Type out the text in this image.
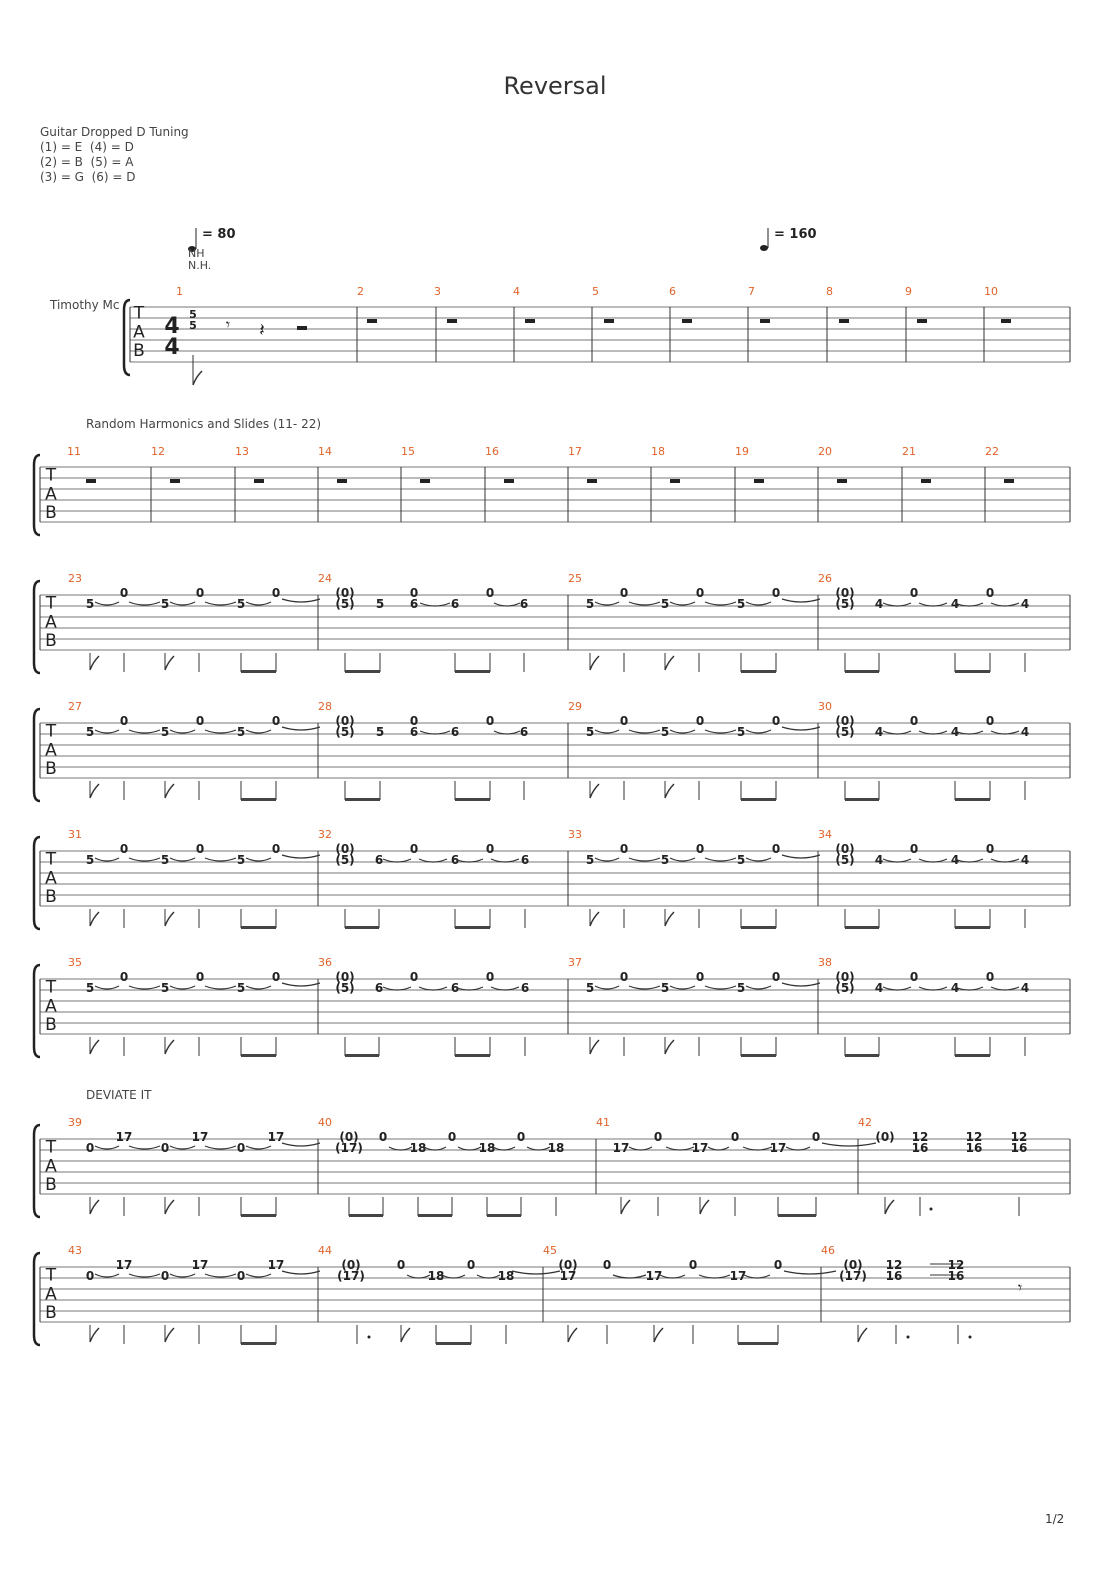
Reversal
Guitar Dropped D Tuning
(1) = E  (4) = D
(2) = B  (5) = A
(3) = G  (6) = D
Timothy Mc
= 80
NH
N.H.
= 160
Random Harmonics and Slides (11- 22)
DEVIATE IT
T
A
B
4
4
5
5 𝄾 𝄽
1	2	3	4	5	6	7	8	9	10
T
A
B
11	12	13	14	15	16	17	18	19	20	21	22
T
A
B
23	24	25	26
5
0
5
0
5
0	(0)
(5) 5
0
6	6
0
6	5
0
5
0
5
0	(0)
(5) 4
0
4
0
4
T
A
B
27	28	29	30
5
0
5
0
5
0	(0)
(5) 5
0
6	6
0
6	5
0
5
0
5
0	(0)
(5) 4
0
4
0
4
T
A
B
31	32	33	34
5
0
5
0
5
0	(0)
(5) 6
0
6
0
6	5
0
5
0
5
0	(0)
(5) 4
0
4
0
4
T
A
B
35	36	37	38
5
0
5
0
5
0	(0)
(5) 6
0
6
0
6	5
0
5
0
5
0	(0)
(5) 4
0
4
0
4
T
A
B
39	40	41	42
0
17
0
17
0
17	(0)
(17)
0
18
0
18
0
18	17
0
17
0
17
0	(0) 12
16
12
16
12
16
T
A
B
43	44	45	46
0
17
0
17
0
17	(0)
(17)
0
18
0
18
(0)
17
0
17
0
17
0	(0)
(17)
12
16
12
16
𝄾
1/2
